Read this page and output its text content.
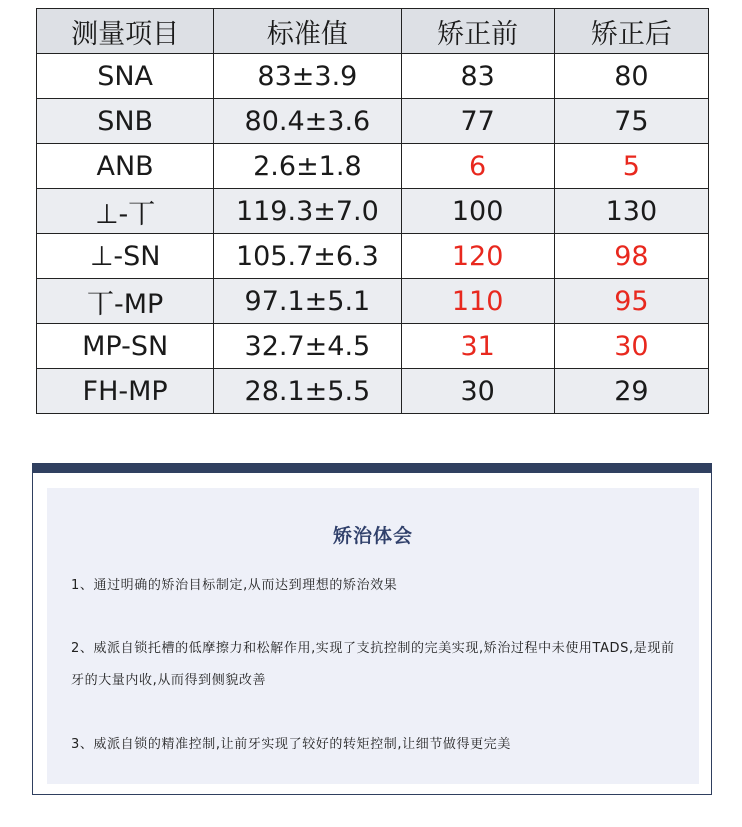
测量项目	标准值	矫正前	矫正后
SNA	83±3.9	83	80
SNB	80.4±3.6	77	75
ANB	2.6±1.8	6	5
⊥-丅	119.3±7.0	100	130
⊥-SN	105.7±6.3	120	98
丅-MP	97.1±5.1	110	95
MP-SN	32.7±4.5	31	30
FH-MP	28.1±5.5	30	29
矫治体会
1、通过明确的矫治目标制定,从而达到理想的矫治效果
2、威派自锁托槽的低摩擦力和松解作用,实现了支抗控制的完美实现,矫治过程中未使用TADS,是现前牙的大量内收,从而得到侧貌改善
3、威派自锁的精准控制,让前牙实现了较好的转矩控制,让细节做得更完美
